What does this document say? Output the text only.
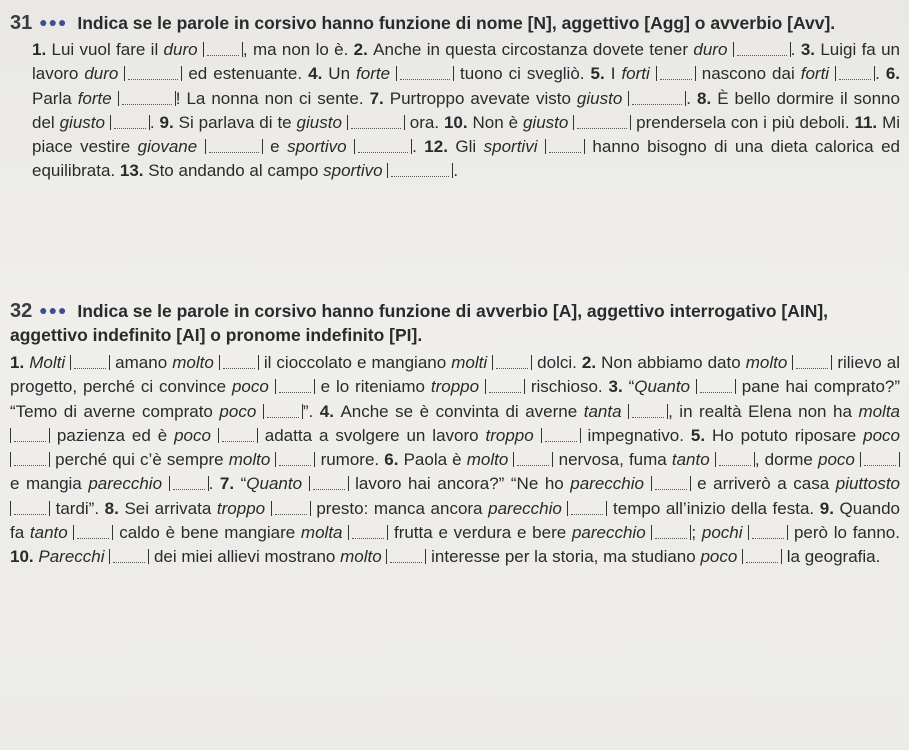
31 ●●● Indica se le parole in corsivo hanno funzione di nome [N], aggettivo [Agg] o avverbio [Avv].
1. Lui vuol fare il duro	, ma non lo è. 2. Anche in questa circostanza dovete tener duro	. 3. Luigi fa un lavoro duro	ed estenuante. 4. Un forte	tuono ci svegliò. 5. I forti	nascono dai forti	. 6. Parla forte	! La nonna non ci sente. 7. Purtroppo avevate visto giusto	. 8. È bello dormire il sonno del giusto	. 9. Si parlava di te giusto	ora. 10. Non è giusto	prendersela con i più deboli. 11. Mi piace vestire giovane	e sportivo	. 12. Gli sportivi	hanno bisogno di una dieta calorica ed equilibrata. 13. Sto andando al campo sportivo	.
32 ●●● Indica se le parole in corsivo hanno funzione di avverbio [A], aggettivo interrogativo [AIN], aggettivo indefinito [AI] o pronome indefinito [PI].
1. Molti	amano molto	il cioccolato e mangiano molti	dolci. 2. Non abbiamo dato molto	rilievo al progetto, perché ci convince poco	e lo riteniamo troppo	rischioso. 3. “Quanto	pane hai comprato?” “Temo di averne comprato poco	”. 4. Anche se è convinta di averne tanta	, in realtà Elena non ha molta  pazienza ed è poco	adatta a svolgere un lavoro troppo	impegnativo. 5. Ho potuto riposare poco  perché qui c’è sempre molto	rumore. 6. Paola è molto	nervosa, fuma tanto	, dorme poco  e mangia parecchio	. 7. “Quanto	lavoro hai ancora?” “Ne ho parecchio	e arriverò a casa piuttosto  tardi”. 8. Sei arrivata troppo	presto: manca ancora parecchio	tempo all’inizio della festa. 9. Quando fa tanto	caldo è bene mangiare molta	frutta e verdura e bere parecchio	; pochi	però lo fanno. 10. Parecchi	dei miei allievi mostrano molto	interesse per la storia, ma studiano poco	la geografia.
